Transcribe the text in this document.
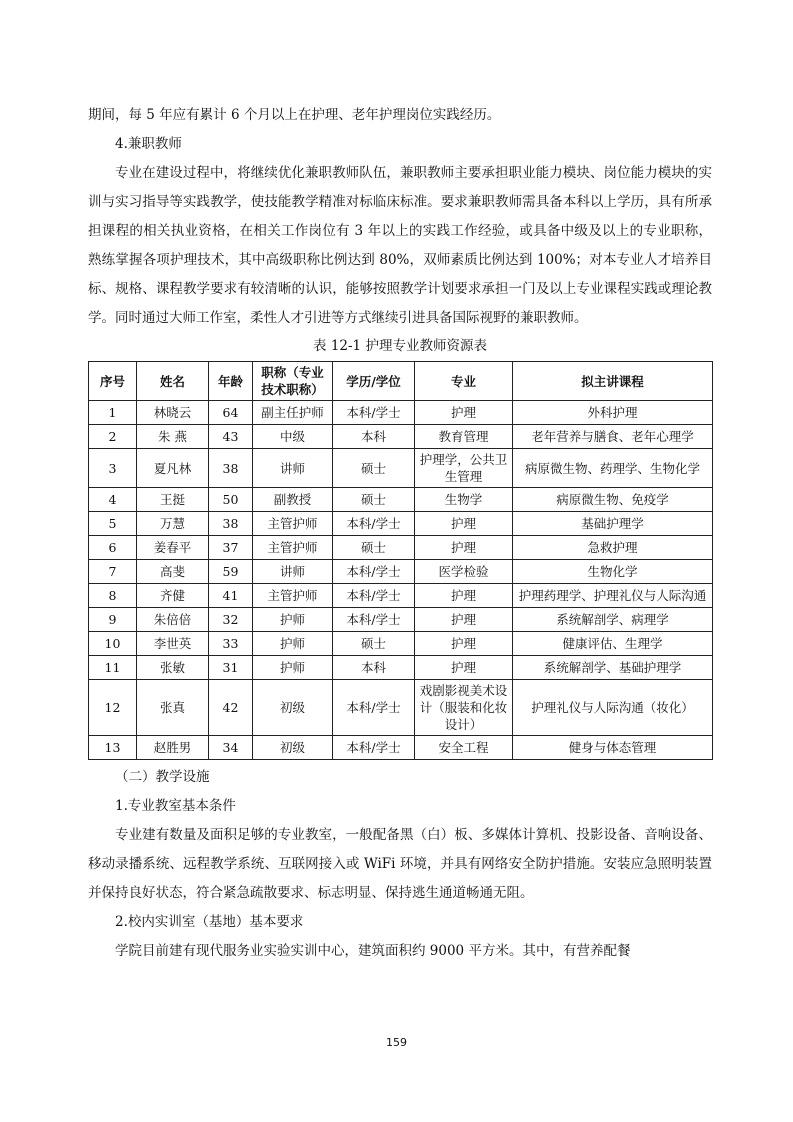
期间，每 5 年应有累计 6 个月以上在护理、老年护理岗位实践经历。

4.兼职教师

专业在建设过程中，将继续优化兼职教师队伍，兼职教师主要承担职业能力模块、岗位能力模块的实训与实习指导等实践教学，使技能教学精准对标临床标准。要求兼职教师需具备本科以上学历，具有所承担课程的相关执业资格，在相关工作岗位有 3 年以上的实践工作经验，或具备中级及以上的专业职称，熟练掌握各项护理技术，其中高级职称比例达到 80%，双师素质比例达到 100%；对本专业人才培养目标、规格、课程教学要求有较清晰的认识，能够按照教学计划要求承担一门及以上专业课程实践或理论教学。同时通过大师工作室，柔性人才引进等方式继续引进具备国际视野的兼职教师。

表 12-1 护理专业教师资源表
序号	姓名	年龄	职称（专业技术职称）	学历/学位	专业	拟主讲课程
1	林晓云	64	副主任护师	本科/学士	护理	外科护理
2	朱 燕	43	中级	本科	教育管理	老年营养与膳食、老年心理学
3	夏凡林	38	讲师	硕士	护理学，公共卫生管理	病原微生物、药理学、生物化学
4	王挺	50	副教授	硕士	生物学	病原微生物、免疫学
5	万慧	38	主管护师	本科/学士	护理	基础护理学
6	姜春平	37	主管护师	硕士	护理	急救护理
7	高斐	59	讲师	本科/学士	医学检验	生物化学
8	齐健	41	主管护师	本科/学士	护理	护理药理学、护理礼仪与人际沟通
9	朱倍倍	32	护师	本科/学士	护理	系统解剖学、病理学
10	李世英	33	护师	硕士	护理	健康评估、生理学
11	张敏	31	护师	本科	护理	系统解剖学、基础护理学
12	张真	42	初级	本科/学士	戏剧影视美术设计（服装和化妆设计）	护理礼仪与人际沟通（妆化）
13	赵胜男	34	初级	本科/学士	安全工程	健身与体态管理

（二）教学设施

1.专业教室基本条件

专业建有数量及面积足够的专业教室，一般配备黑（白）板、多媒体计算机、投影设备、音响设备、移动录播系统、远程教学系统、互联网接入或 WiFi 环境，并具有网络安全防护措施。安装应急照明装置并保持良好状态，符合紧急疏散要求、标志明显、保持逃生通道畅通无阻。

2.校内实训室（基地）基本要求

学院目前建有现代服务业实验实训中心，建筑面积约 9000 平方米。其中，有营养配餐

159
